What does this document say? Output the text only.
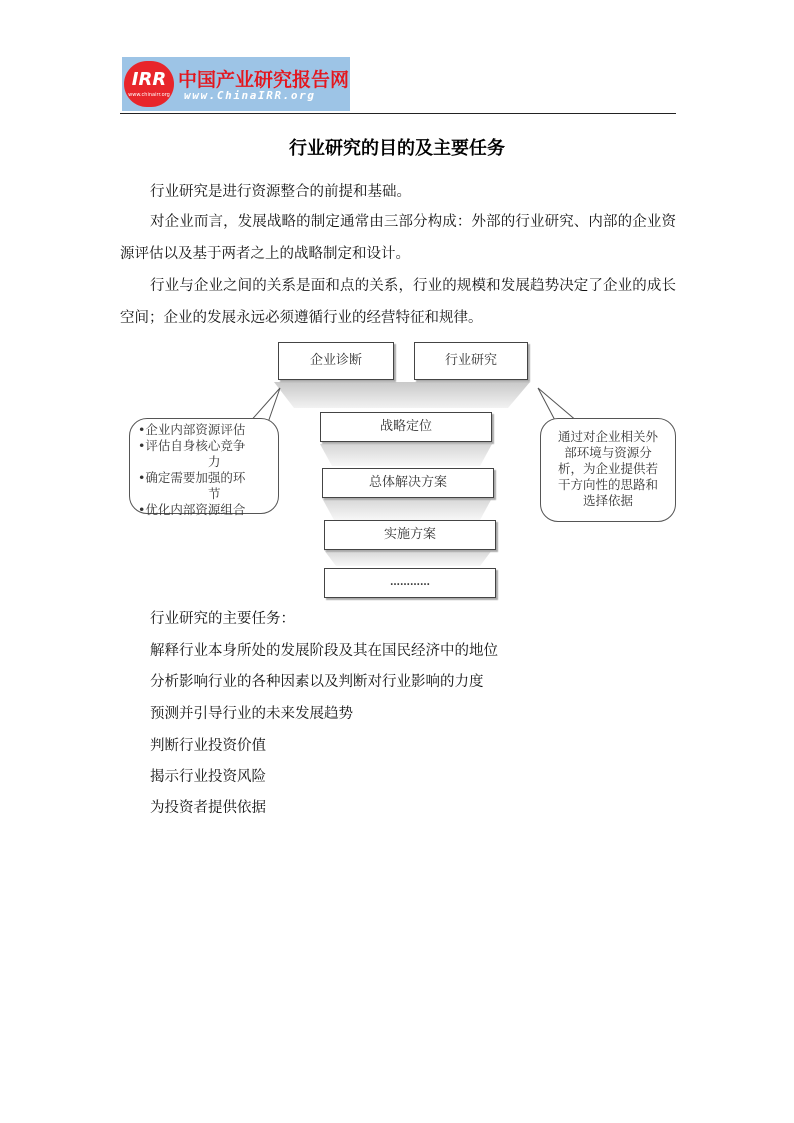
IRR
www.chinairr.org
中国产业研究报告网
www.ChinaIRR.org
行业研究的目的及主要任务
行业研究是进行资源整合的前提和基础。
对企业而言，发展战略的制定通常由三部分构成：外部的行业研究、内部的企业资源评估以及基于两者之上的战略制定和设计。
行业与企业之间的关系是面和点的关系，行业的规模和发展趋势决定了企业的成长空间；企业的发展永远必须遵循行业的经营特征和规律。
企业诊断	行业研究
战略定位
总体解决方案
实施方案
…………
•企业内部资源评估
•评估自身核心竞争
力
•确定需要加强的环
节
•优化内部资源组合
通过对企业相关外
部环境与资源分
析，为企业提供若
干方向性的思路和
选择依据
行业研究的主要任务：
解释行业本身所处的发展阶段及其在国民经济中的地位
分析影响行业的各种因素以及判断对行业影响的力度
预测并引导行业的未来发展趋势
判断行业投资价值
揭示行业投资风险
为投资者提供依据
